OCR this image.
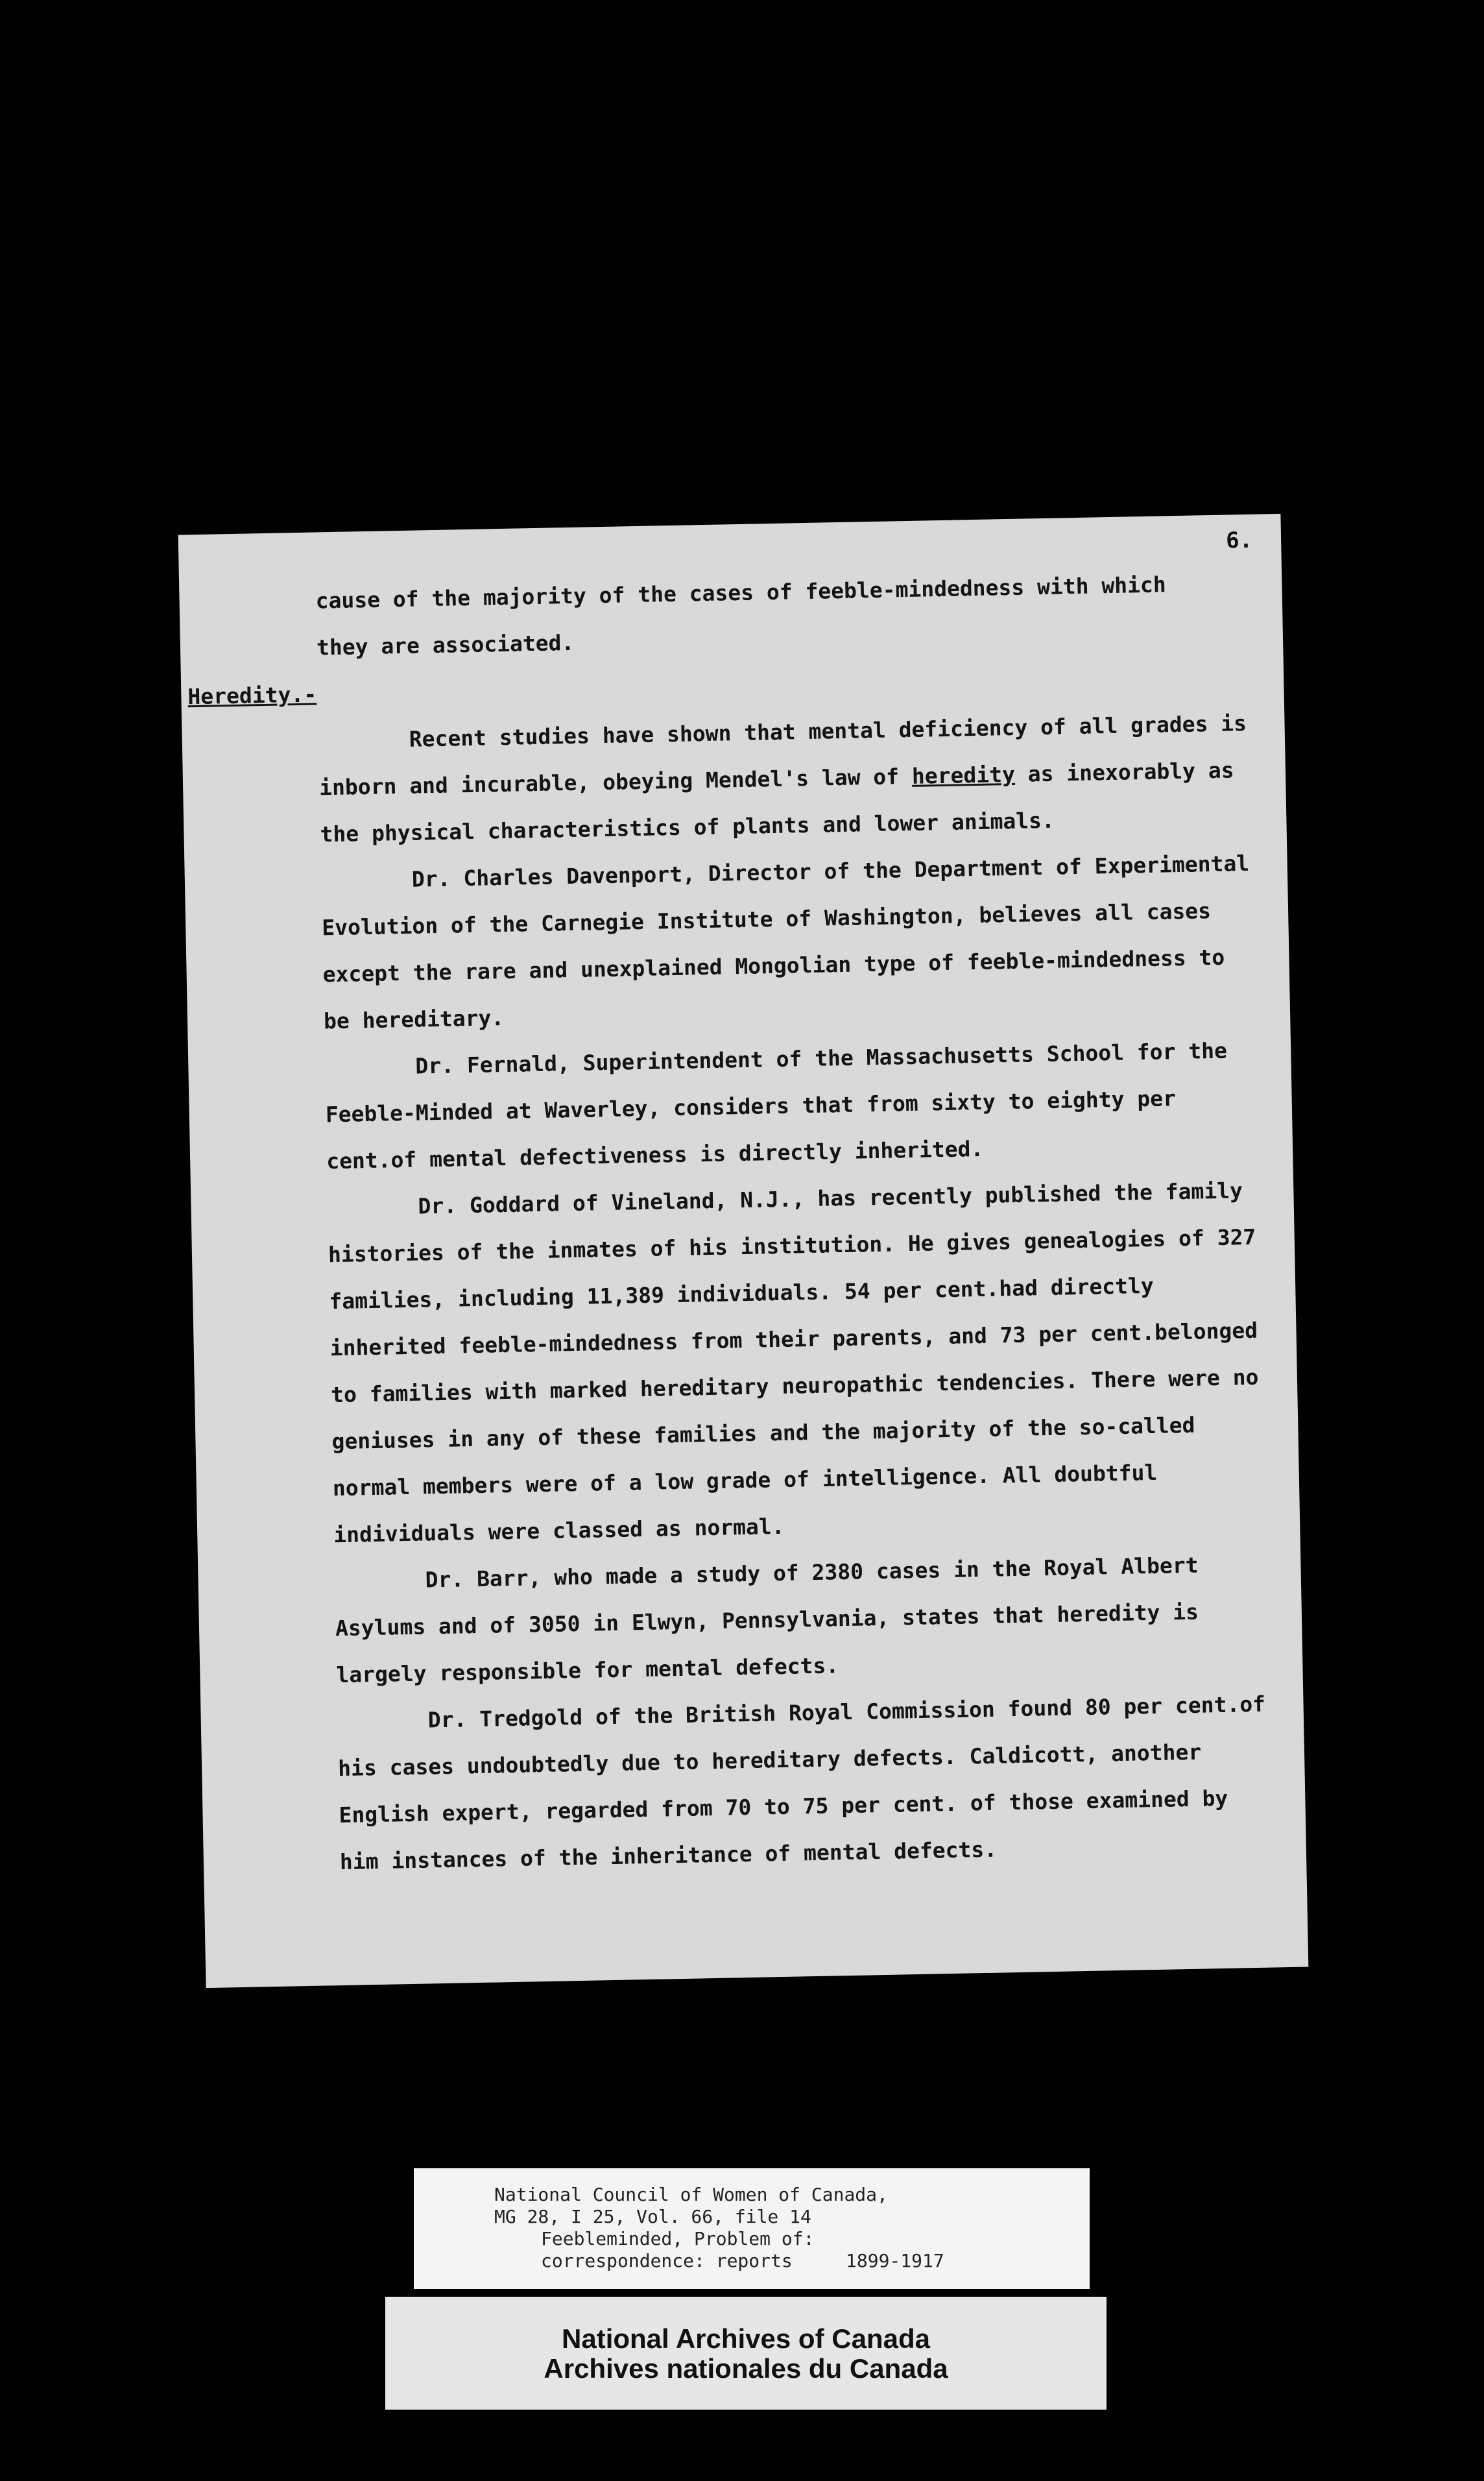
6.

cause of the majority of the cases of feeble-mindedness with which

they are associated.

Heredity.-

Recent studies have shown that mental deficiency of all grades is inborn and incurable, obeying Mendel's law of heredity as inexorably as the physical characteristics of plants and lower animals.

Dr. Charles Davenport, Director of the Department of Experimental Evolution of the Carnegie Institute of Washington, believes all cases except the rare and unexplained Mongolian type of feeble-mindedness to be hereditary.

Dr. Fernald, Superintendent of the Massachusetts School for the Feeble-Minded at Waverley, considers that from sixty to eighty per cent.of mental defectiveness is directly inherited.

Dr. Goddard of Vineland, N.J., has recently published the family histories of the inmates of his institution. He gives genealogies of 327 families, including 11,389 individuals. 54 per cent.had directly inherited feeble-mindedness from their parents, and 73 per cent.belonged to families with marked hereditary neuropathic tendencies. There were no geniuses in any of these families and the majority of the so-called normal members were of a low grade of intelligence. All doubtful individuals were classed as normal.

Dr. Barr, who made a study of 2380 cases in the Royal Albert Asylums and of 3050 in Elwyn, Pennsylvania, states that heredity is largely responsible for mental defects.

Dr. Tredgold of the British Royal Commission found 80 per cent.of his cases undoubtedly due to hereditary defects. Caldicott, another English expert, regarded from 70 to 75 per cent. of those examined by him instances of the inheritance of mental defects.

National Council of Women of Canada,
MG 28, I 25, Vol. 66, file 14
Feebleminded, Problem of:
correspondence: reports	1899-1917
National Archives of Canada
Archives nationales du Canada
